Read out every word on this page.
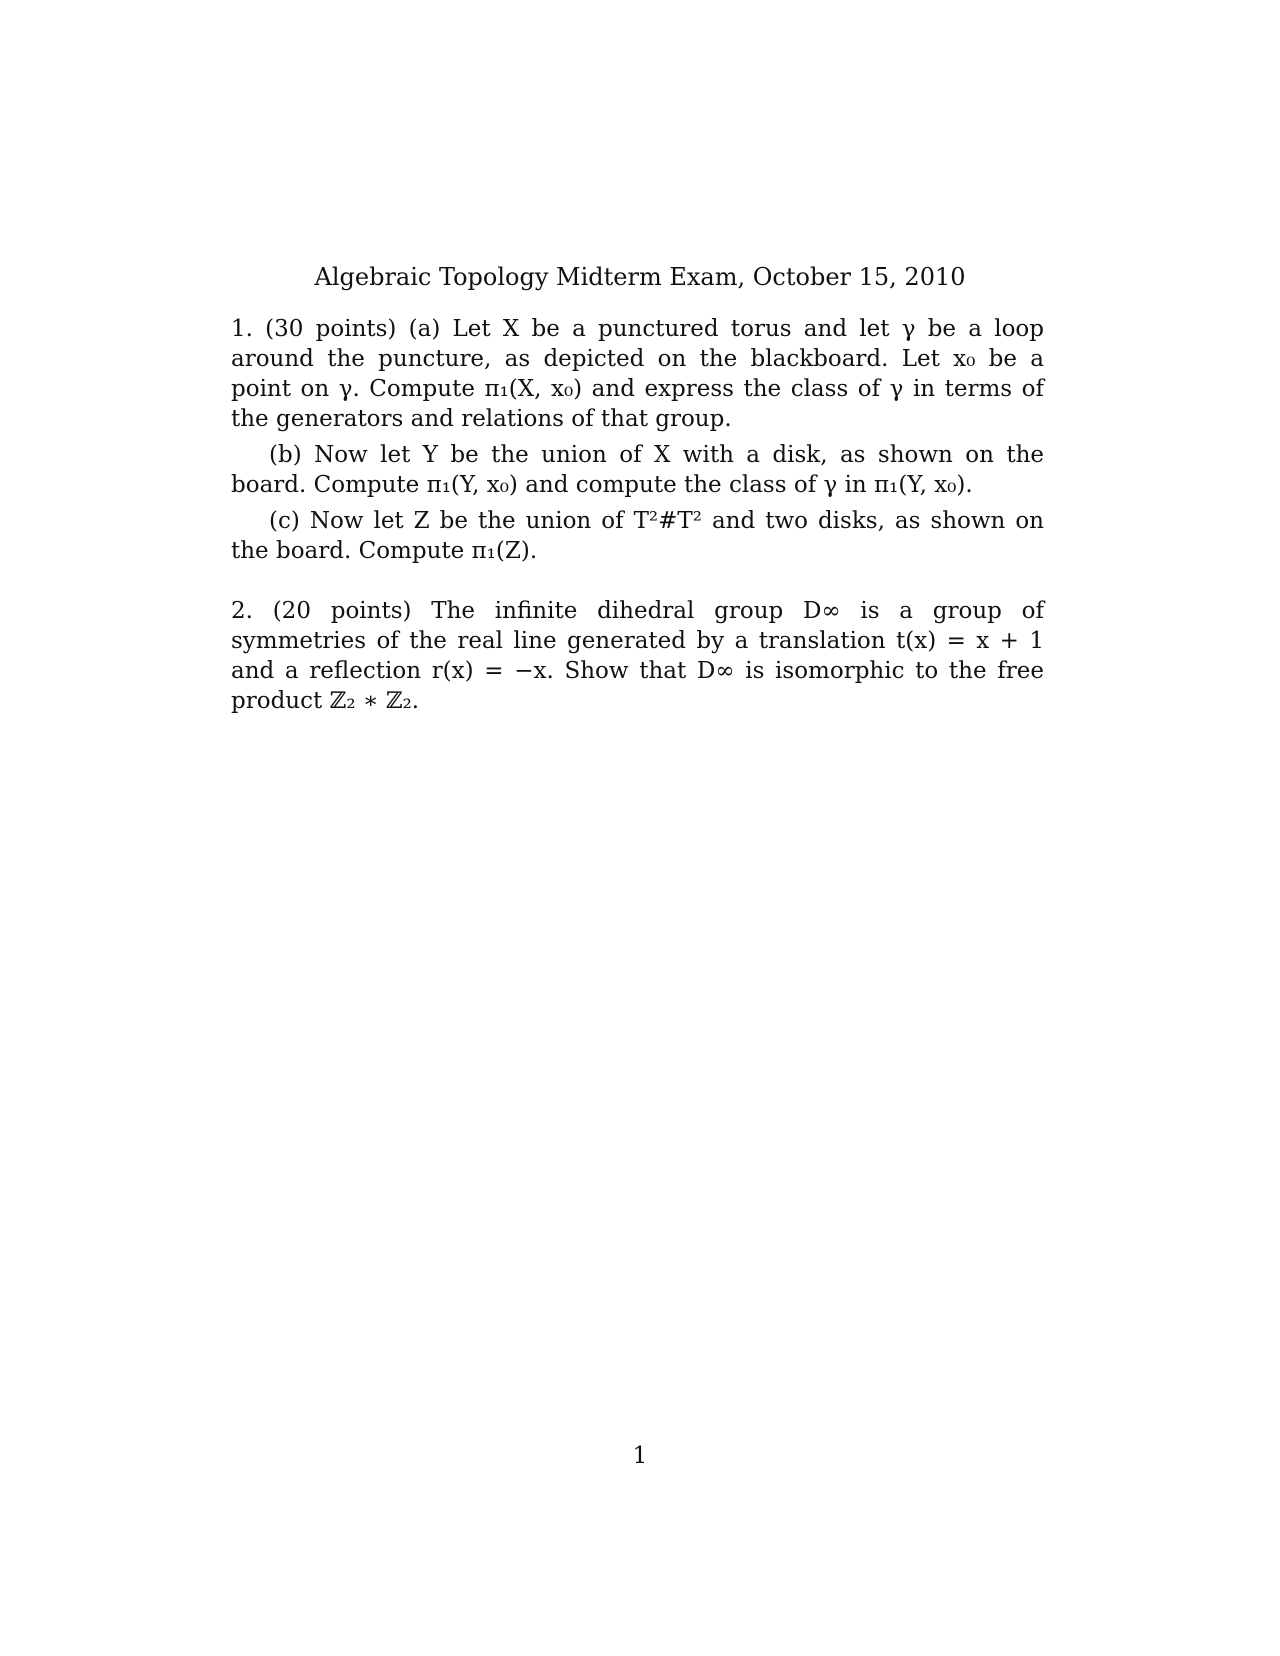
Algebraic Topology Midterm Exam, October 15, 2010

1. (30 points) (a) Let X be a punctured torus and let γ be a loop around the puncture, as depicted on the blackboard. Let x₀ be a point on γ. Compute π₁(X, x₀) and express the class of γ in terms of the generators and relations of that group.

(b) Now let Y be the union of X with a disk, as shown on the board. Compute π₁(Y, x₀) and compute the class of γ in π₁(Y, x₀).

(c) Now let Z be the union of T²#T² and two disks, as shown on the board. Compute π₁(Z).

2. (20 points) The infinite dihedral group D∞ is a group of symmetries of the real line generated by a translation t(x) = x + 1 and a reflection r(x) = −x. Show that D∞ is isomorphic to the free product ℤ₂ ∗ ℤ₂.

1
